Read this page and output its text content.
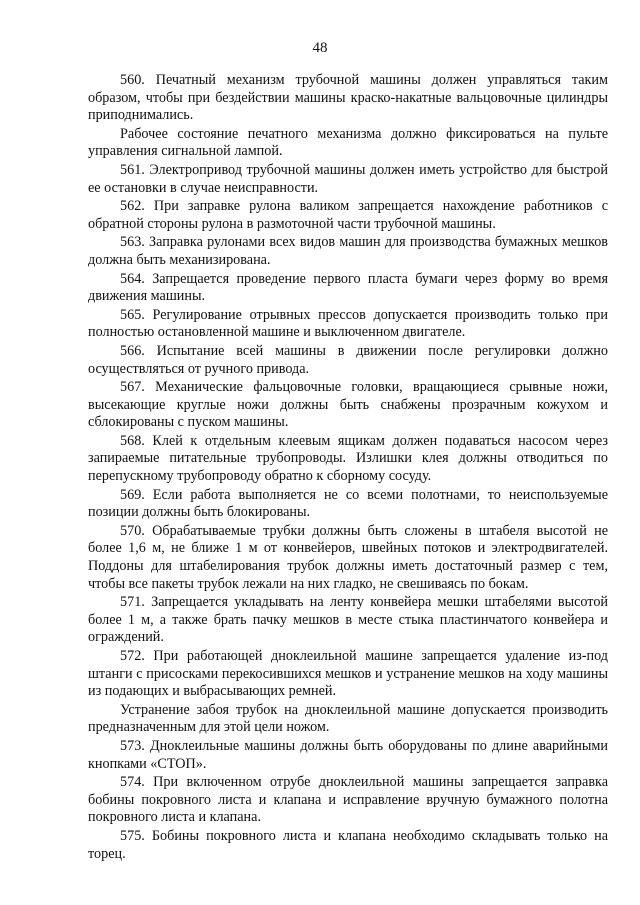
48

560. Печатный механизм трубочной машины должен управляться таким образом, чтобы при бездействии машины краско-накатные вальцовочные цилиндры приподнимались.

Рабочее состояние печатного механизма должно фиксироваться на пульте управления сигнальной лампой.

561. Электропривод трубочной машины должен иметь устройство для быстрой ее остановки в случае неисправности.

562. При заправке рулона валиком запрещается нахождение работников с обратной стороны рулона в размоточной части трубочной машины.

563. Заправка рулонами всех видов машин для производства бумажных мешков должна быть механизирована.

564. Запрещается проведение первого пласта бумаги через форму во время движения машины.

565. Регулирование отрывных прессов допускается производить только при полностью остановленной машине и выключенном двигателе.

566. Испытание всей машины в движении после регулировки должно осуществляться от ручного привода.

567. Механические фальцовочные головки, вращающиеся срывные ножи, высекающие круглые ножи должны быть снабжены прозрачным кожухом и сблокированы с пуском машины.

568. Клей к отдельным клеевым ящикам должен подаваться насосом через запираемые питательные трубопроводы. Излишки клея должны отводиться по перепускному трубопроводу обратно к сборному сосуду.

569. Если работа выполняется не со всеми полотнами, то неиспользуемые позиции должны быть блокированы.

570. Обрабатываемые трубки должны быть сложены в штабеля высотой не более 1,6 м, не ближе 1 м от конвейеров, швейных потоков и электродвигателей. Поддоны для штабелирования трубок должны иметь достаточный размер с тем, чтобы все пакеты трубок лежали на них гладко, не свешиваясь по бокам.

571. Запрещается укладывать на ленту конвейера мешки штабелями высотой более 1 м, а также брать пачку мешков в месте стыка пластинчатого конвейера и ограждений.

572. При работающей дноклеильной машине запрещается удаление из-под штанги с присосками перекосившихся мешков и устранение мешков на ходу машины из подающих и выбрасывающих ремней.

Устранение забоя трубок на дноклеильной машине допускается производить предназначенным для этой цели ножом.

573. Дноклеильные машины должны быть оборудованы по длине аварийными кнопками «СТОП».

574. При включенном отрубе дноклеильной машины запрещается заправка бобины покровного листа и клапана и исправление вручную бумажного полотна покровного листа и клапана.

575. Бобины покровного листа и клапана необходимо складывать только на торец.
